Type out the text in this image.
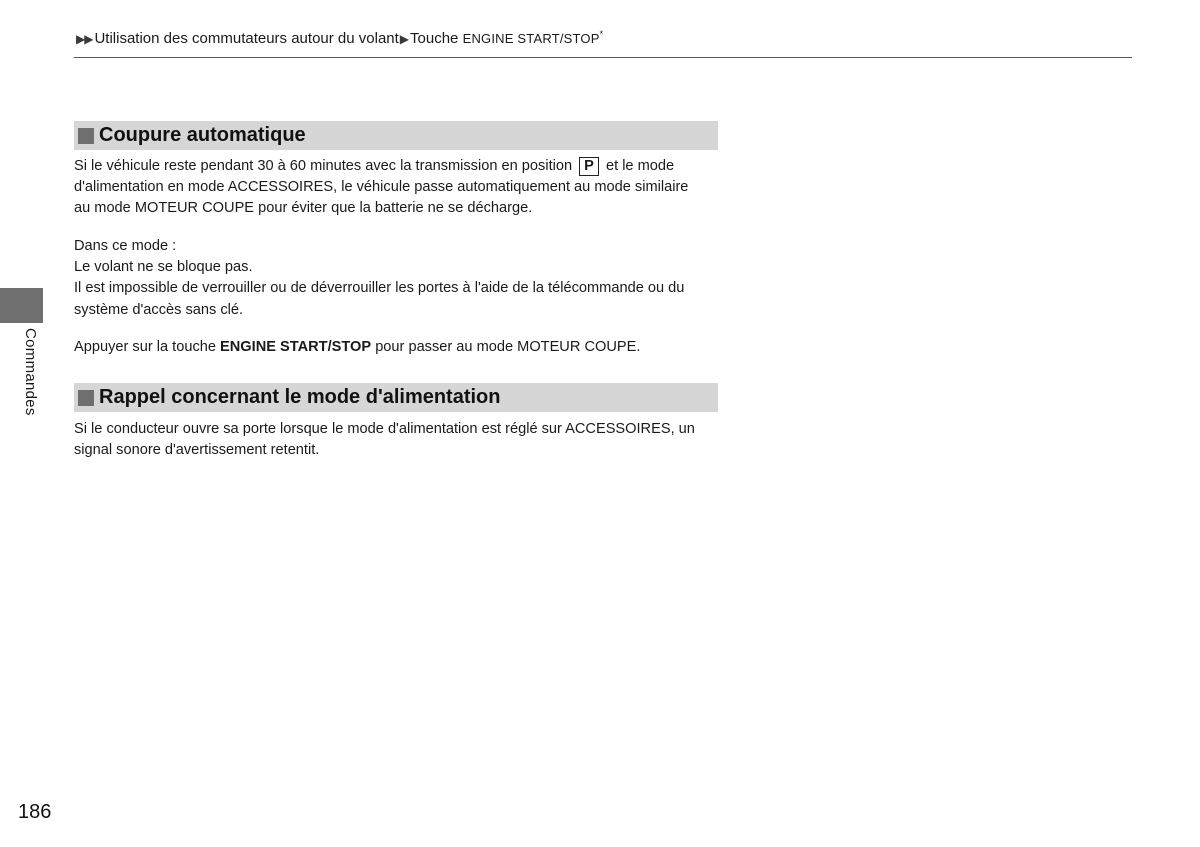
▶▶ Utilisation des commutateurs autour du volant▶Touche ENGINE START/STOP*
Coupure automatique
Si le véhicule reste pendant 30 à 60 minutes avec la transmission en position P et le mode
d'alimentation en mode ACCESSOIRES, le véhicule passe automatiquement au mode similaire
au mode MOTEUR COUPE pour éviter que la batterie ne se décharge.
Dans ce mode :
Le volant ne se bloque pas.
Il est impossible de verrouiller ou de déverrouiller les portes à l'aide de la télécommande ou du
système d'accès sans clé.
Appuyer sur la touche ENGINE START/STOP pour passer au mode MOTEUR COUPE.
Rappel concernant le mode d'alimentation
Si le conducteur ouvre sa porte lorsque le mode d'alimentation est réglé sur ACCESSOIRES, un
signal sonore d'avertissement retentit.
Commandes
186
